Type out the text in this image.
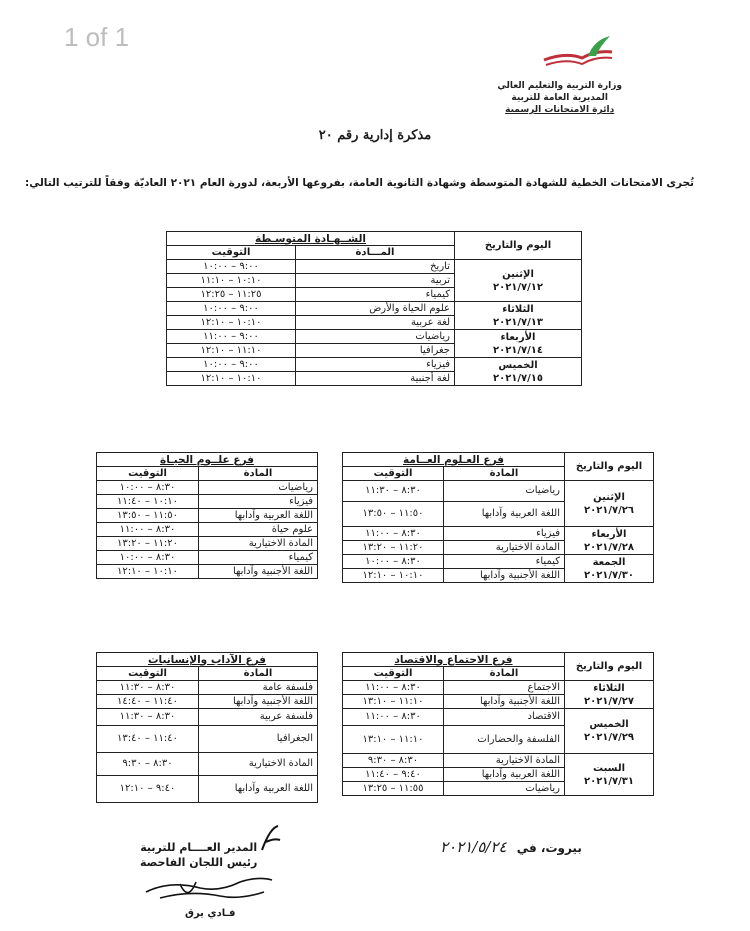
1 of 1
وزارة التربية والتعليم العالي
المديرية العامة للتربية
دائرة الامتحانات الرسمية
مذكرة إدارية رقم ٢٠
تُجرى الامتحانات الخطية للشهادة المتوسطة وشهادة الثانوية العامة، بفروعها الأربعة، لدورة العام ٢٠٢١ العاديّة وفقاً للترتيب التالي:
اليوم والتاريخ	الشــهـادة المتوسـطة	
	المـــادة	التوقيت

الإثنين
٢٠٢١/٧/١٢	تاريخ	٩:٠٠ – ١٠:٠٠
	تربية	١٠:١٠ – ١١:١٠
	كيمياء	١١:٢٥ – ١٢:٢٥

الثلاثاء
٢٠٢١/٧/١٣	علوم الحياة والأرض	٩:٠٠ – ١٠:٠٠
	لغة عربية	١٠:١٠ – ١٢:١٠

الأربعاء
٢٠٢١/٧/١٤	رياضيات	٩:٠٠ – ١١:٠٠
	جغرافيا	١١:١٠ – ١٢:١٠

الخميس
٢٠٢١/٧/١٥	فيزياء	٩:٠٠ – ١٠:٠٠
	لغة أجنبية	١٠:١٠ – ١٢:١٠
اليوم والتاريخ	فرع العـلوم العــامة	
	المادة	التوقيت

الإثنين
٢٠٢١/٧/٢٦	رياضيات	٨:٣٠ – ١١:٣٠
	اللغة العربية وآدابها	١١:٥٠ – ١٣:٥٠

الأربعاء
٢٠٢١/٧/٢٨	فيزياء	٨:٣٠ – ١١:٠٠
	المادة الاختيارية	١١:٢٠ – ١٣:٢٠

الجمعة
٢٠٢١/٧/٣٠	كيمياء	٨:٣٠ – ١٠:٠٠
	اللغة الأجنبية وآدابها	١٠:١٠ – ١٢:١٠
فرع علــوم الحيـاة	
المادة	التوقيت
رياضيات	٨:٣٠ – ١٠:٠٠
فيزياء	١٠:١٠ – ١١:٤٠
اللغة العربية وآدابها	١١:٥٠ – ١٣:٥٠
علوم حياة	٨:٣٠ – ١١:٠٠
المادة الاختيارية	١١:٢٠ – ١٣:٢٠
كيمياء	٨:٣٠ – ١٠:٠٠
اللغة الأجنبية وآدابها	١٠:١٠ – ١٢:١٠
اليوم والتاريخ	فرع الاجتماع والاقتصاد	
	المادة	التوقيت

الثلاثاء
٢٠٢١/٧/٢٧	الاجتماع	٨:٣٠ – ١١:٠٠
	اللغة الأجنبية وآدابها	١١:١٠ – ١٣:١٠

الخميس
٢٠٢١/٧/٢٩	الاقتصاد	٨:٣٠ – ١١:٠٠
	الفلسفة والحضارات	١١:١٠ – ١٣:١٠

السبت
٢٠٢١/٧/٣١	المادة الاختيارية	٨:٣٠ – ٩:٣٠
	اللغة العربية وآدابها	٩:٤٠ – ١١:٤٠
	رياضيات	١١:٥٥ – ١٣:٢٥
فرع الآداب والإنسانيات	
المادة	التوقيت
فلسفة عامة	٨:٣٠ – ١١:٣٠
اللغة الأجنبية وآدابها	١١:٤٠ – ١٤:٤٠
فلسفة عربية	٨:٣٠ – ١١:٣٠
الجغرافيا	١١:٤٠ – ١٣:٤٠
المادة الاختيارية	٨:٣٠ – ٩:٣٠
اللغة العربية وآدابها	٩:٤٠ – ١٢:١٠
بيروت، في ٢٠٢١/٥/٢٤
المدير العــــام للتربية
رئيس اللجان الفاحصة
فـادي يرق
